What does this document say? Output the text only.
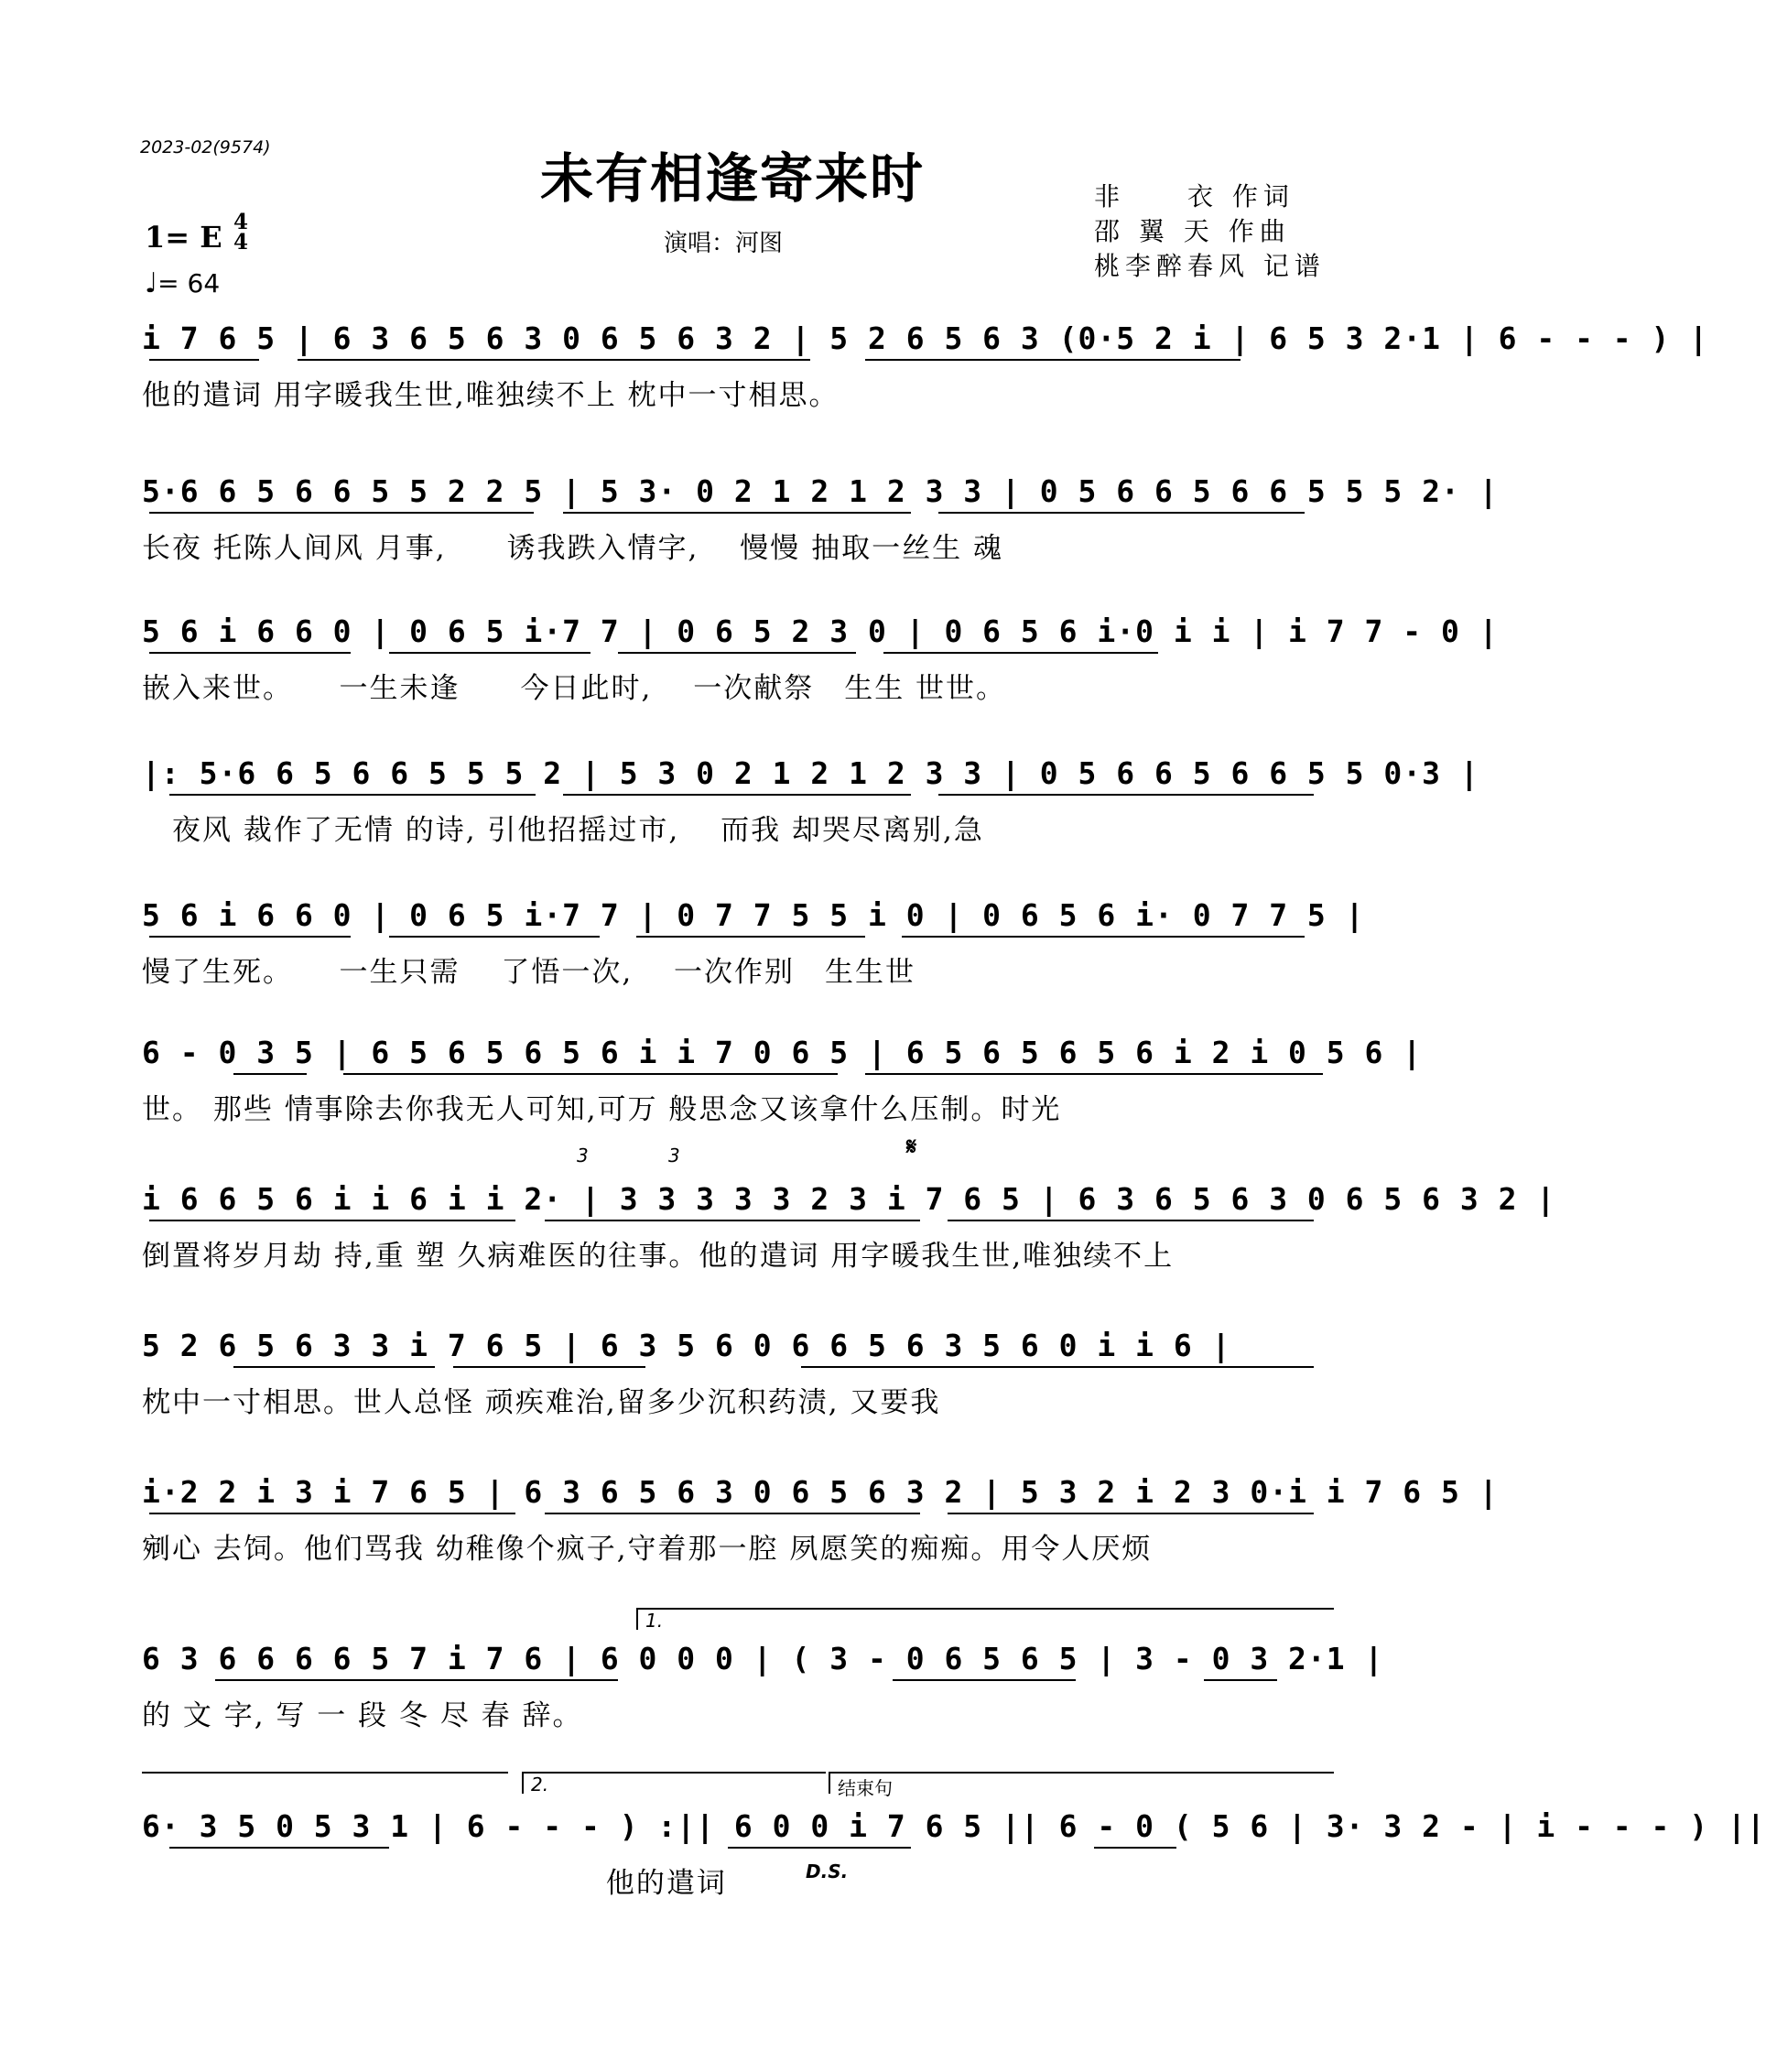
2023-02(9574)	未有相逢寄来时
演唱：河图
非　　衣 作词
邵 翼 天 作曲
桃李醉春风 记谱
1= E 4
4
♩= 64
i 7 6 5 | 6 3 6 5 6 3 0 6 5 6 3 2 | 5 2 6 5 6 3 (0·5 2 i | 6 5 3 2·1 | 6 - - - ) |
他的遣词 用字暖我生世,唯独续不上 枕中一寸相思。
5·6 6 5 6 6 5 5 2 2 5 | 5 3· 0 2 1 2 1 2 3 3 | 0 5 6 6 5 6 6 5 5 5 2· |
长夜 托陈人间风 月事,　　诱我跌入情字,　 慢慢 抽取一丝生 魂
5 6 i 6 6 0 | 0 6 5 i·7 7 | 0 6 5 2 3 0 | 0 6 5 6 i·0 i i | i 7 7 - 0 |
嵌入来世。　　一生未逢　　今日此时,　 一次献祭　生生 世世。
|: 5·6 6 5 6 6 5 5 5 2 | 5 3 0 2 1 2 1 2 3 3 | 0 5 6 6 5 6 6 5 5 0·3 |
　夜风 裁作了无情 的诗, 引他招摇过市,　 而我 却哭尽离别,急
5 6 i 6 6 0 | 0 6 5 i·7 7 | 0 7 7 5 5 i 0 | 0 6 5 6 i· 0 7 7 5 |
慢了生死。　　一生只需　 了悟一次,　 一次作别　生生世
6 - 0 3 5 | 6 5 6 5 6 5 6 i i 7 0 6 5 | 6 5 6 5 6 5 6 i 2 i 0 5 6 |
世。 那些 情事除去你我无人可知,可万 般思念又该拿什么压制。时光
𝄋
3	3
i 6 6 5 6 i i 6 i i 2· | 3 3 3 3 3 2 3 i 7 6 5 | 6 3 6 5 6 3 0 6 5 6 3 2 |
倒置将岁月劫 持,重 塑 久病难医的往事。他的遣词 用字暖我生世,唯独续不上
5 2 6 5 6 3 3 i 7 6 5 | 6 3 5 6 0 6 6 5 6 3 5 6 0 i i 6 |
枕中一寸相思。世人总怪 顽疾难治,留多少沉积药渍, 又要我
i·2 2 i 3 i 7 6 5 | 6 3 6 5 6 3 0 6 5 6 3 2 | 5 3 2 i 2 3 0·i i 7 6 5 |
剜心 去饲。他们骂我 幼稚像个疯子,守着那一腔 夙愿笑的痴痴。用令人厌烦
1.
6 3 6 6 6 6 5 7 i 7 6 | 6 0 0 0 | ( 3 - 0 6 5 6 5 | 3 - 0 3 2·1 |
的 文 字, 写 一 段 冬 尽 春 辞。
2.	结束句
6· 3 5 0 5 3 1 | 6 - - - ) :|| 6 0 0 i 7 6 5 || 6 - 0 ( 5 6 | 3· 3 2 - | i - - - ) ||
　　　　　　　　　　　　　　　 他的遣词	D.S.
